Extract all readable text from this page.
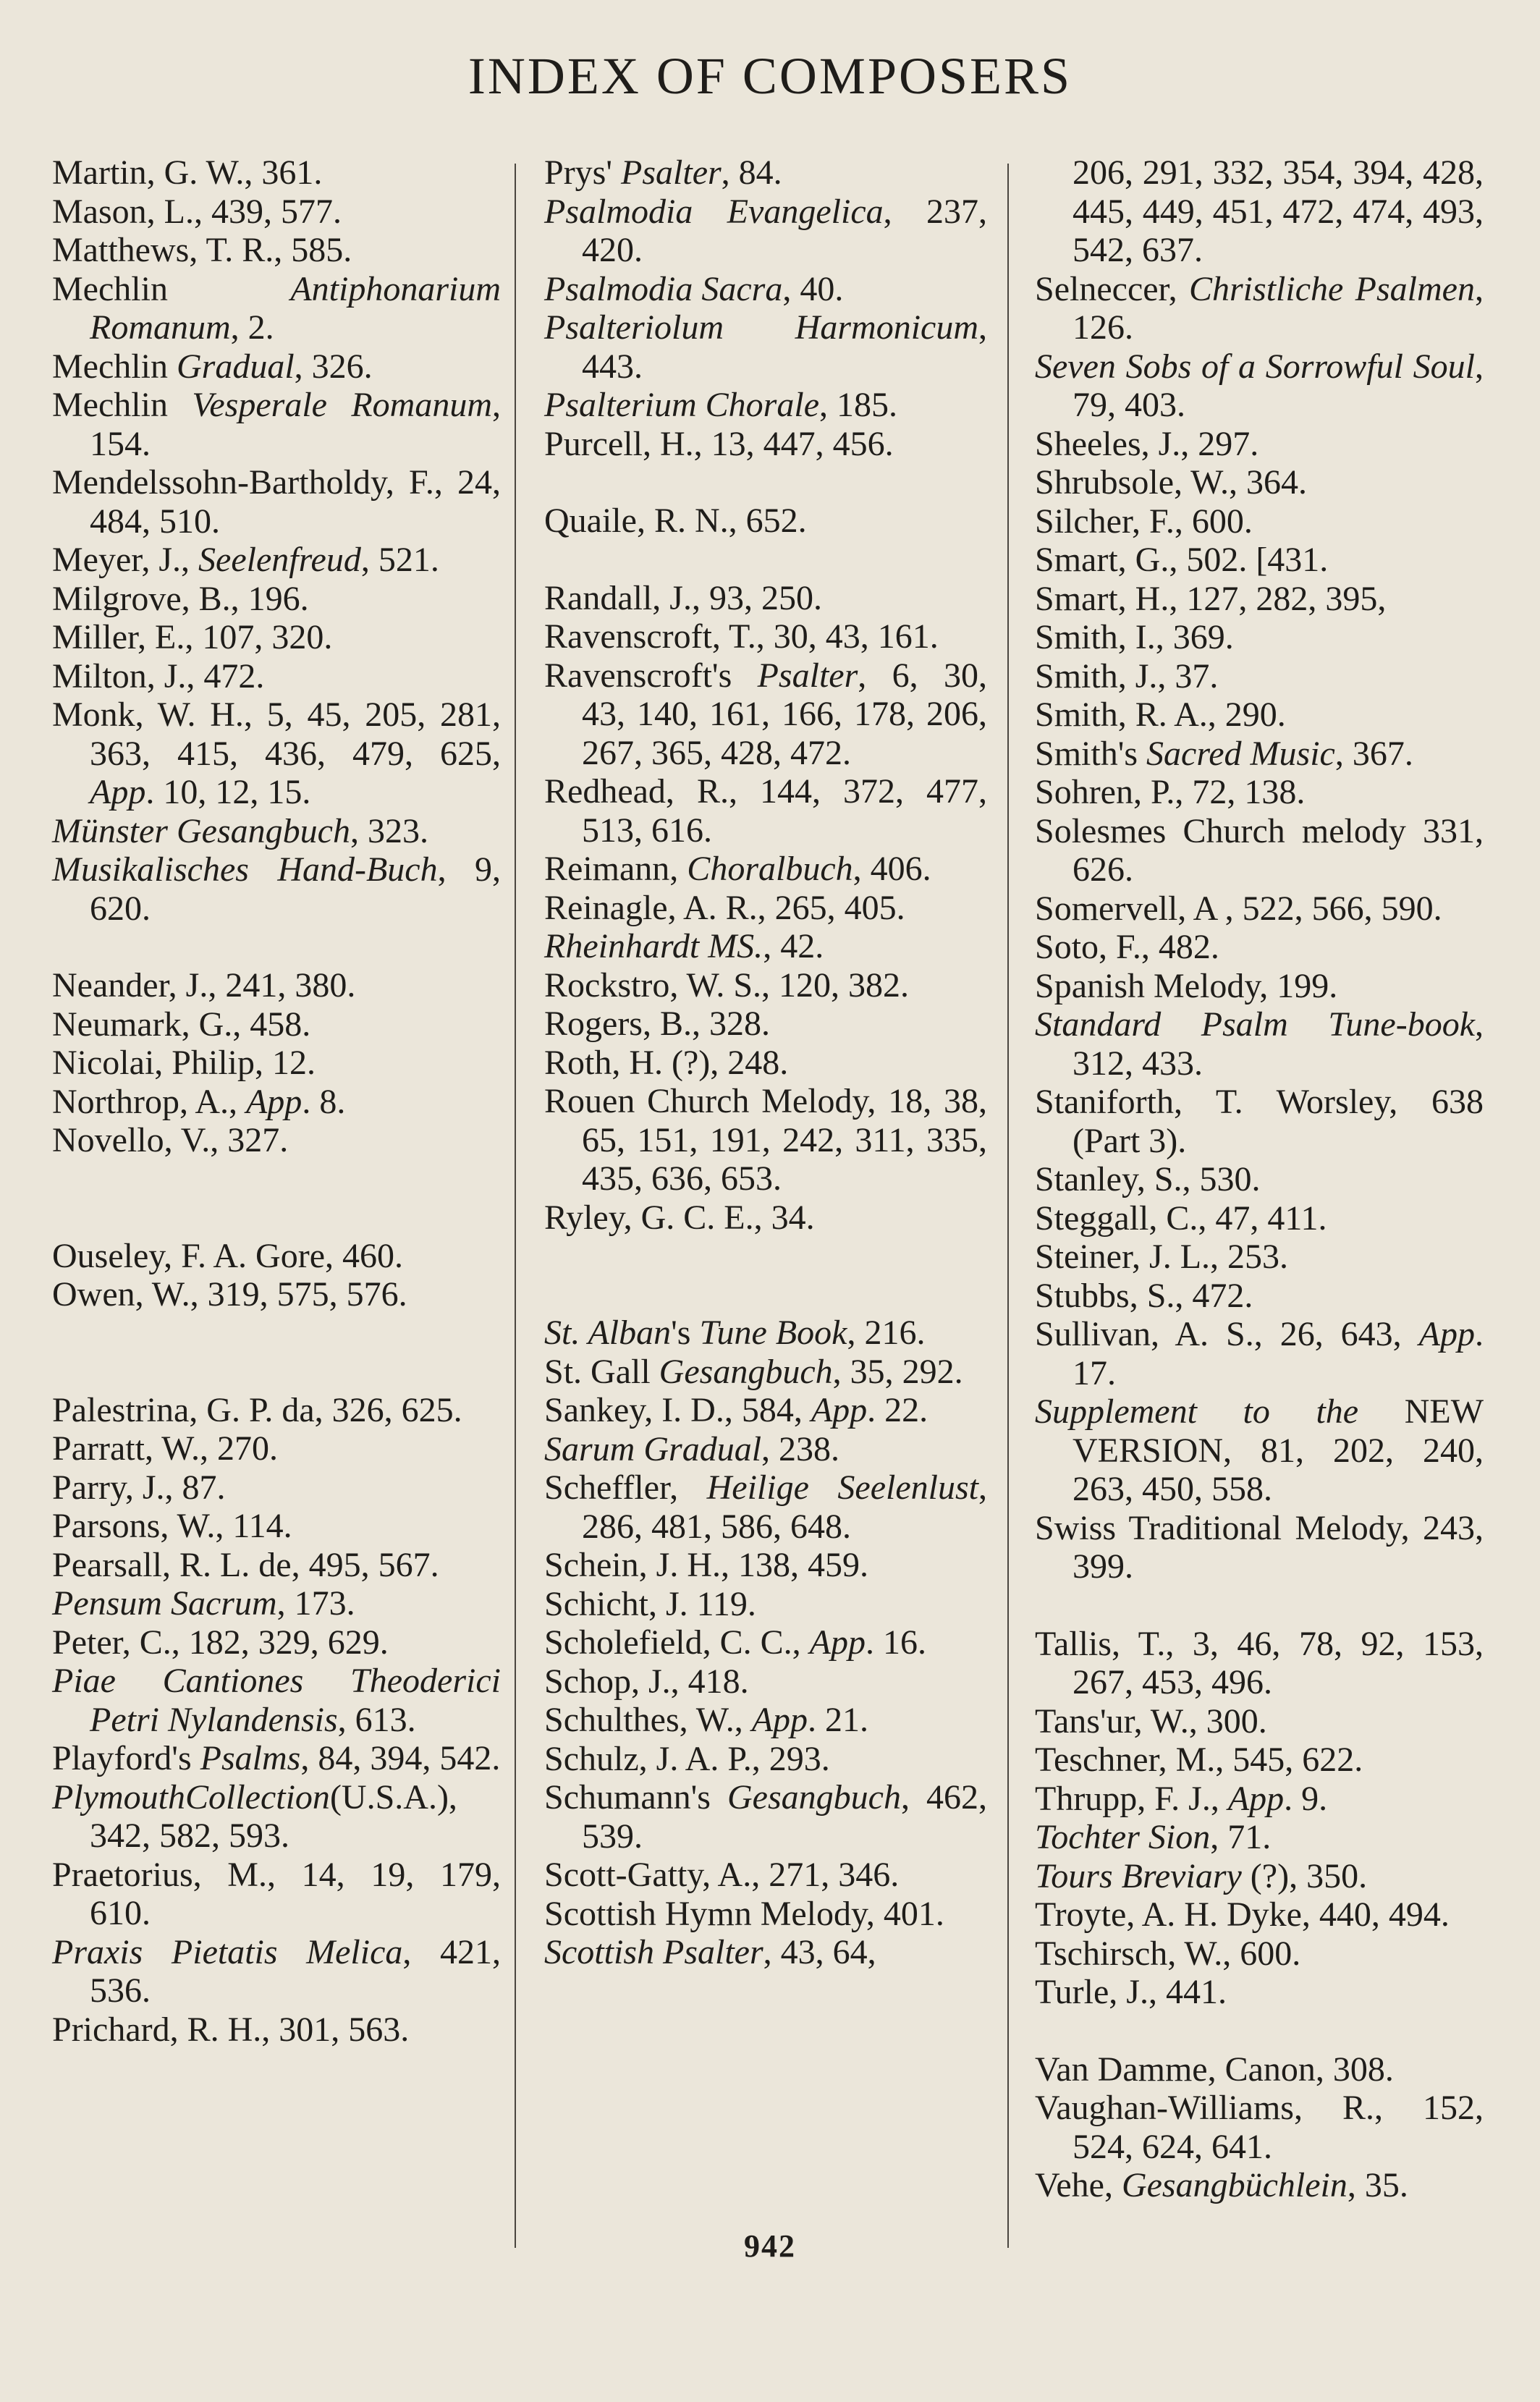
INDEX OF COMPOSERS
Martin, G. W., 361.
Mason, L., 439, 577.
Matthews, T. R., 585.
Mechlin Antiphonarium Romanum, 2.
Mechlin Gradual, 326.
Mechlin Vesperale Romanum, 154.
Mendelssohn-Bartholdy, F., 24, 484, 510.
Meyer, J., Seelenfreud, 521.
Milgrove, B., 196.
Miller, E., 107, 320.
Milton, J., 472.
Monk, W. H., 5, 45, 205, 281, 363, 415, 436, 479, 625, App. 10, 12, 15.
Münster Gesangbuch, 323.
Musikalisches Hand-Buch, 9, 620.
Neander, J., 241, 380.
Neumark, G., 458.
Nicolai, Philip, 12.
Northrop, A., App. 8.
Novello, V., 327.
Ouseley, F. A. Gore, 460.
Owen, W., 319, 575, 576.
Palestrina, G. P. da, 326, 625.
Parratt, W., 270.
Parry, J., 87.
Parsons, W., 114.
Pearsall, R. L. de, 495, 567.
Pensum Sacrum, 173.
Peter, C., 182, 329, 629.
Piae Cantiones Theoderici Petri Nylandensis, 613.
Playford's Psalms, 84, 394, 542.
PlymouthCollection(U.S.A.), 342, 582, 593.
Praetorius, M., 14, 19, 179, 610.
Praxis Pietatis Melica, 421, 536.
Prichard, R. H., 301, 563.
Prys' Psalter, 84.
Psalmodia Evangelica, 237, 420.
Psalmodia Sacra, 40.
Psalteriolum Harmonicum, 443.
Psalterium Chorale, 185.
Purcell, H., 13, 447, 456.
Quaile, R. N., 652.
Randall, J., 93, 250.
Ravenscroft, T., 30, 43, 161.
Ravenscroft's Psalter, 6, 30, 43, 140, 161, 166, 178, 206, 267, 365, 428, 472.
Redhead, R., 144, 372, 477, 513, 616.
Reimann, Choralbuch, 406.
Reinagle, A. R., 265, 405.
Rheinhardt MS., 42.
Rockstro, W. S., 120, 382.
Rogers, B., 328.
Roth, H. (?), 248.
Rouen Church Melody, 18, 38, 65, 151, 191, 242, 311, 335, 435, 636, 653.
Ryley, G. C. E., 34.
St. Alban's Tune Book, 216.
St. Gall Gesangbuch, 35, 292.
Sankey, I. D., 584, App. 22.
Sarum Gradual, 238.
Scheffler, Heilige Seelenlust, 286, 481, 586, 648.
Schein, J. H., 138, 459.
Schicht, J. 119.
Scholefield, C. C., App. 16.
Schop, J., 418.
Schulthes, W., App. 21.
Schulz, J. A. P., 293.
Schumann's Gesangbuch, 462, 539.
Scott-Gatty, A., 271, 346.
Scottish Hymn Melody, 401.
Scottish Psalter, 43, 64,
206, 291, 332, 354, 394, 428, 445, 449, 451, 472, 474, 493, 542, 637.
Selneccer, Christliche Psalmen, 126.
Seven Sobs of a Sorrowful Soul, 79, 403.
Sheeles, J., 297.
Shrubsole, W., 364.
Silcher, F., 600.
Smart, G., 502. [431.
Smart, H., 127, 282, 395,
Smith, I., 369.
Smith, J., 37.
Smith, R. A., 290.
Smith's Sacred Music, 367.
Sohren, P., 72, 138.
Solesmes Church melody 331, 626.
Somervell, A , 522, 566, 590.
Soto, F., 482.
Spanish Melody, 199.
Standard Psalm Tune-book, 312, 433.
Staniforth, T. Worsley, 638 (Part 3).
Stanley, S., 530.
Steggall, C., 47, 411.
Steiner, J. L., 253.
Stubbs, S., 472.
Sullivan, A. S., 26, 643, App. 17.
Supplement to the NEW VERSION, 81, 202, 240, 263, 450, 558.
Swiss Traditional Melody, 243, 399.
Tallis, T., 3, 46, 78, 92, 153, 267, 453, 496.
Tans'ur, W., 300.
Teschner, M., 545, 622.
Thrupp, F. J., App. 9.
Tochter Sion, 71.
Tours Breviary (?), 350.
Troyte, A. H. Dyke, 440, 494.
Tschirsch, W., 600.
Turle, J., 441.
Van Damme, Canon, 308.
Vaughan-Williams, R., 152, 524, 624, 641.
Vehe, Gesangbüchlein, 35.
942
